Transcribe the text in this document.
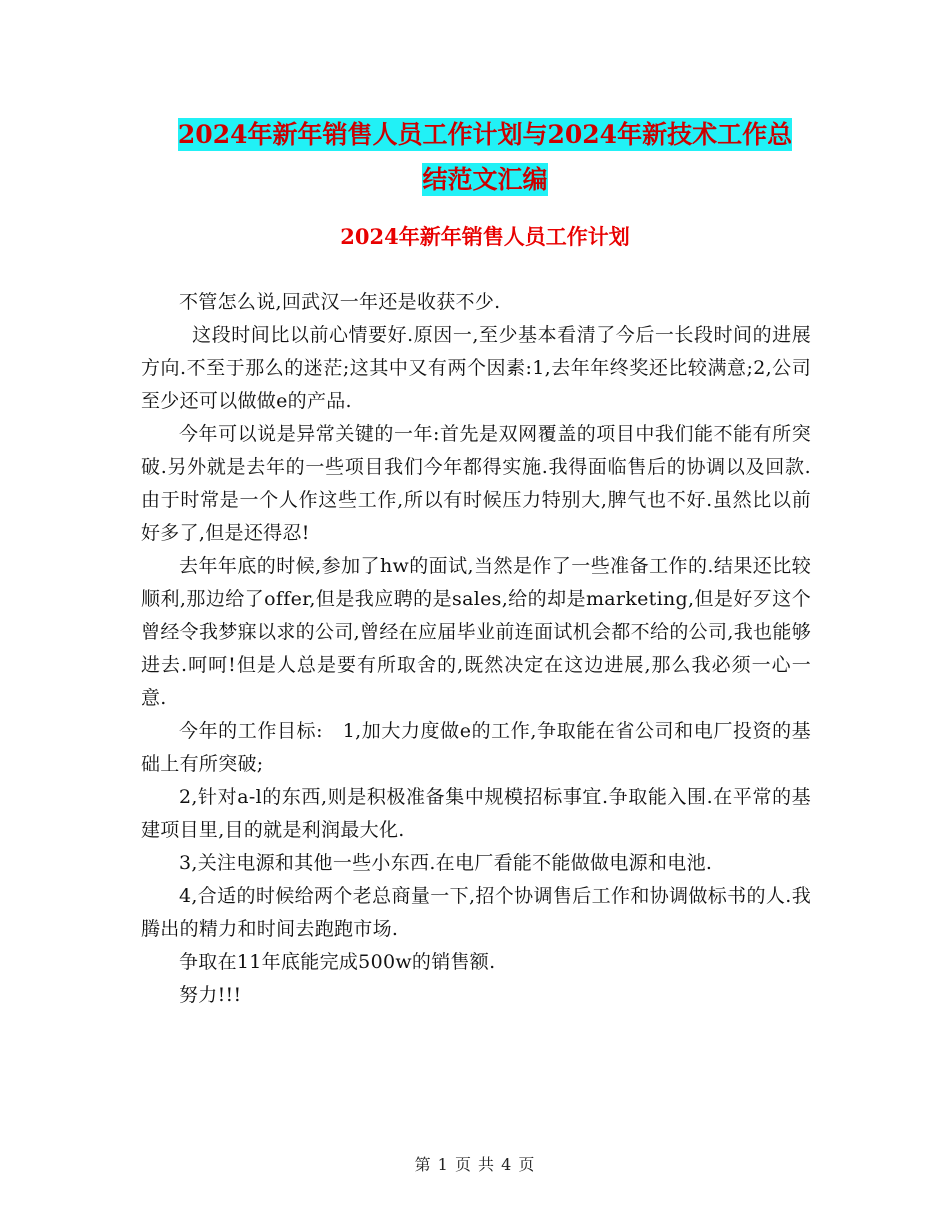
2024年新年销售人员工作计划与2024年新技术工作总
结范文汇编
2024年新年销售人员工作计划

不管怎么说,回武汉一年还是收获不少.

这段时间比以前心情要好.原因一,至少基本看清了今后一长段时间的进展方向.不至于那么的迷茫;这其中又有两个因素:1,去年年终奖还比较满意;2,公司至少还可以做做e的产品.

今年可以说是异常关键的一年:首先是双网覆盖的项目中我们能不能有所突破.另外就是去年的一些项目我们今年都得实施.我得面临售后的协调以及回款.由于时常是一个人作这些工作,所以有时候压力特别大,脾气也不好.虽然比以前好多了,但是还得忍!

去年年底的时候,参加了hw的面试,当然是作了一些准备工作的.结果还比较顺利,那边给了offer,但是我应聘的是sales,给的却是marketing,但是好歹这个曾经令我梦寐以求的公司,曾经在应届毕业前连面试机会都不给的公司,我也能够进去.呵呵!但是人总是要有所取舍的,既然决定在这边进展,那么我必须一心一意.

今年的工作目标:   1,加大力度做e的工作,争取能在省公司和电厂投资的基础上有所突破;

2,针对a-l的东西,则是积极准备集中规模招标事宜.争取能入围.在平常的基建项目里,目的就是利润最大化.

3,关注电源和其他一些小东西.在电厂看能不能做做电源和电池.

4,合适的时候给两个老总商量一下,招个协调售后工作和协调做标书的人.我腾出的精力和时间去跑跑市场.

争取在11年底能完成500w的销售额.

努力!!!

第 1 页 共 4 页
